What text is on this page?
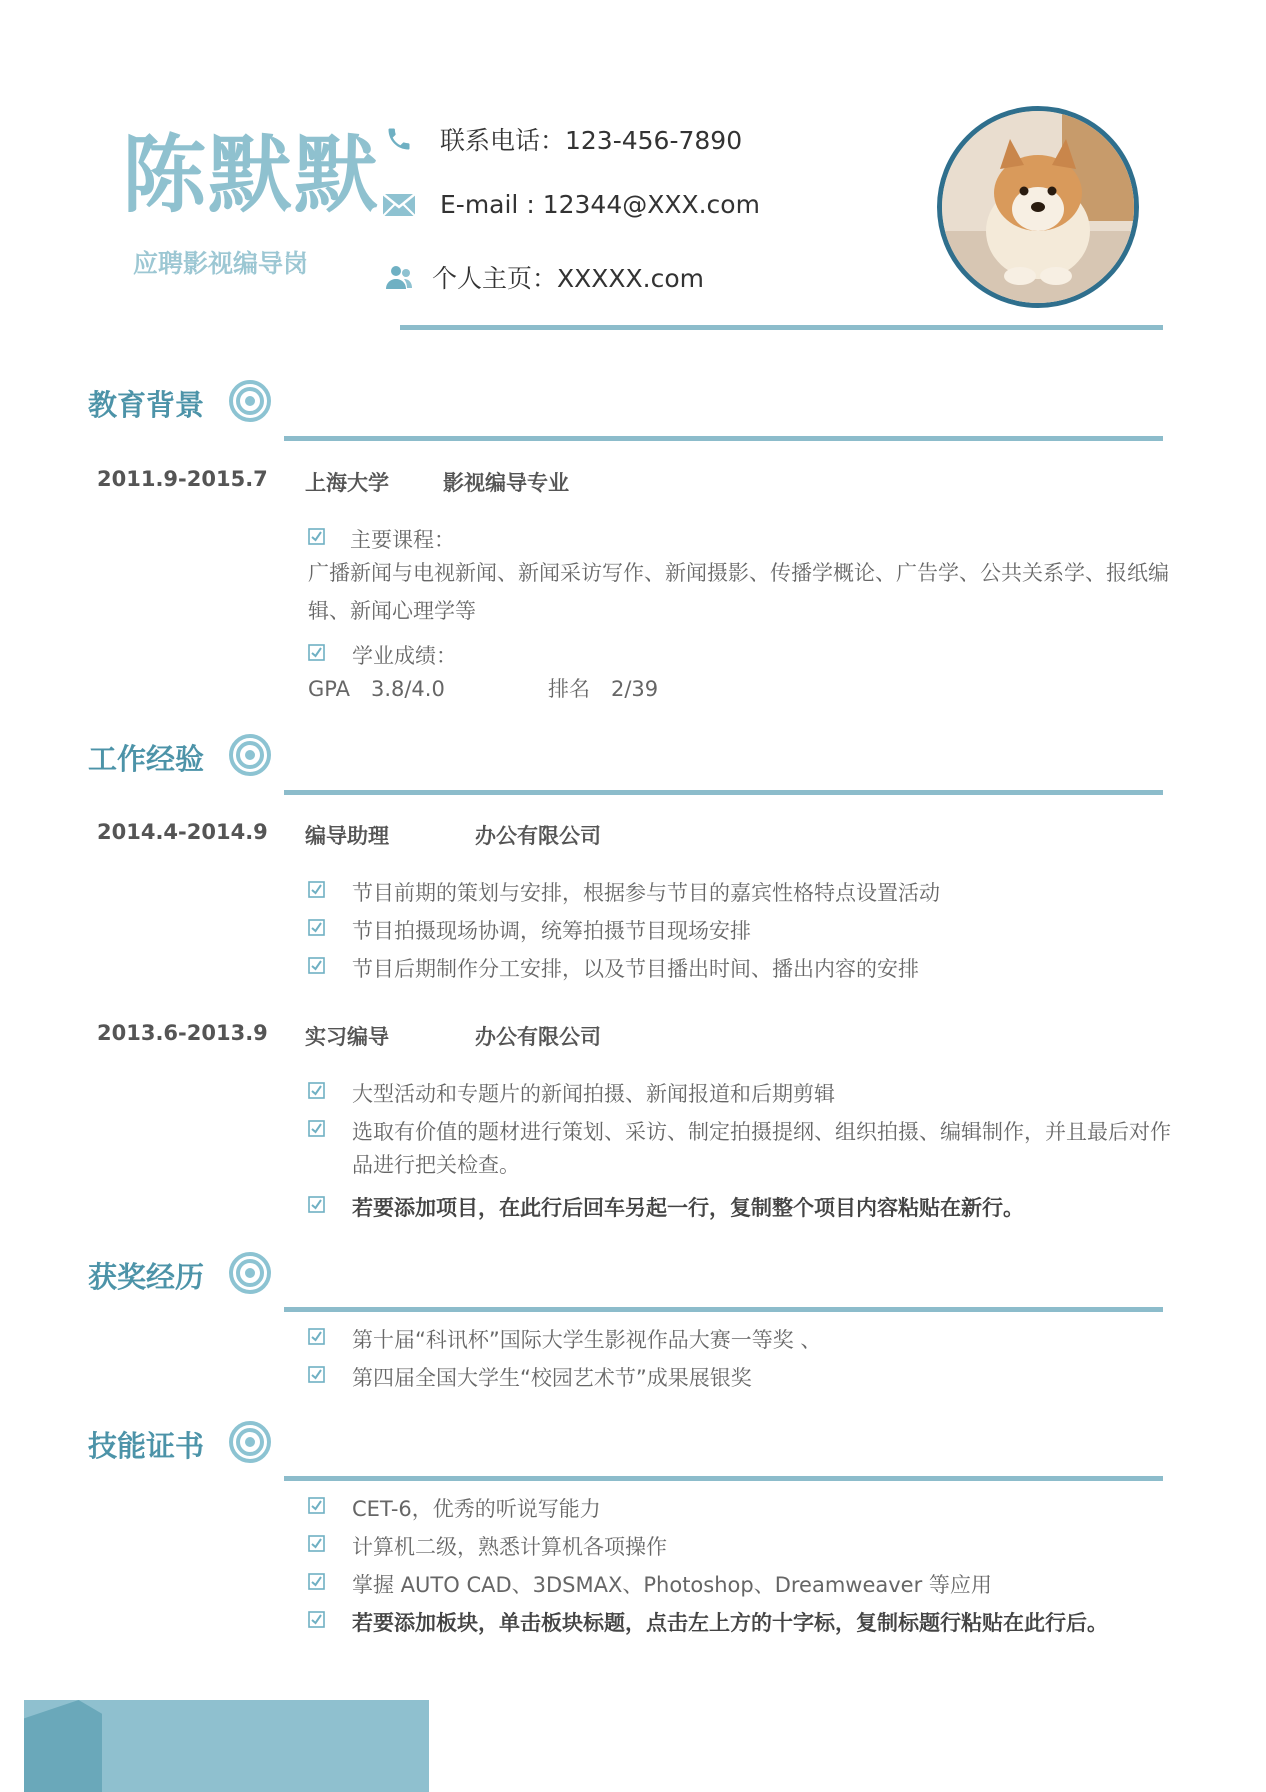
陈默默
应聘影视编导岗
联系电话：123-456-7890
E-mail : 12344@XXX.com
个人主页：XXXXX.com
教育背景
2011.9-2015.7 上海大学	影视编导专业
主要课程：
广播新闻与电视新闻、新闻采访写作、新闻摄影、传播学概论、广告学、公共关系学、报纸编
辑、新闻心理学等
学业成绩：
GPA　3.8/4.0	排名　2/39
工作经验
2014.4-2014.9 编导助理	办公有限公司
节目前期的策划与安排，根据参与节目的嘉宾性格特点设置活动
节目拍摄现场协调，统筹拍摄节目现场安排
节目后期制作分工安排，以及节目播出时间、播出内容的安排
2013.6-2013.9 实习编导	办公有限公司
大型活动和专题片的新闻拍摄、新闻报道和后期剪辑
选取有价值的题材进行策划、采访、制定拍摄提纲、组织拍摄、编辑制作，并且最后对作
品进行把关检查。
若要添加项目，在此行后回车另起一行，复制整个项目内容粘贴在新行。
获奖经历
第十届“科讯杯”国际大学生影视作品大赛一等奖 、
第四届全国大学生“校园艺术节”成果展银奖
技能证书
CET-6，优秀的听说写能力
计算机二级，熟悉计算机各项操作
掌握 AUTO CAD、3DSMAX、Photoshop、Dreamweaver 等应用
若要添加板块，单击板块标题，点击左上方的十字标，复制标题行粘贴在此行后。
